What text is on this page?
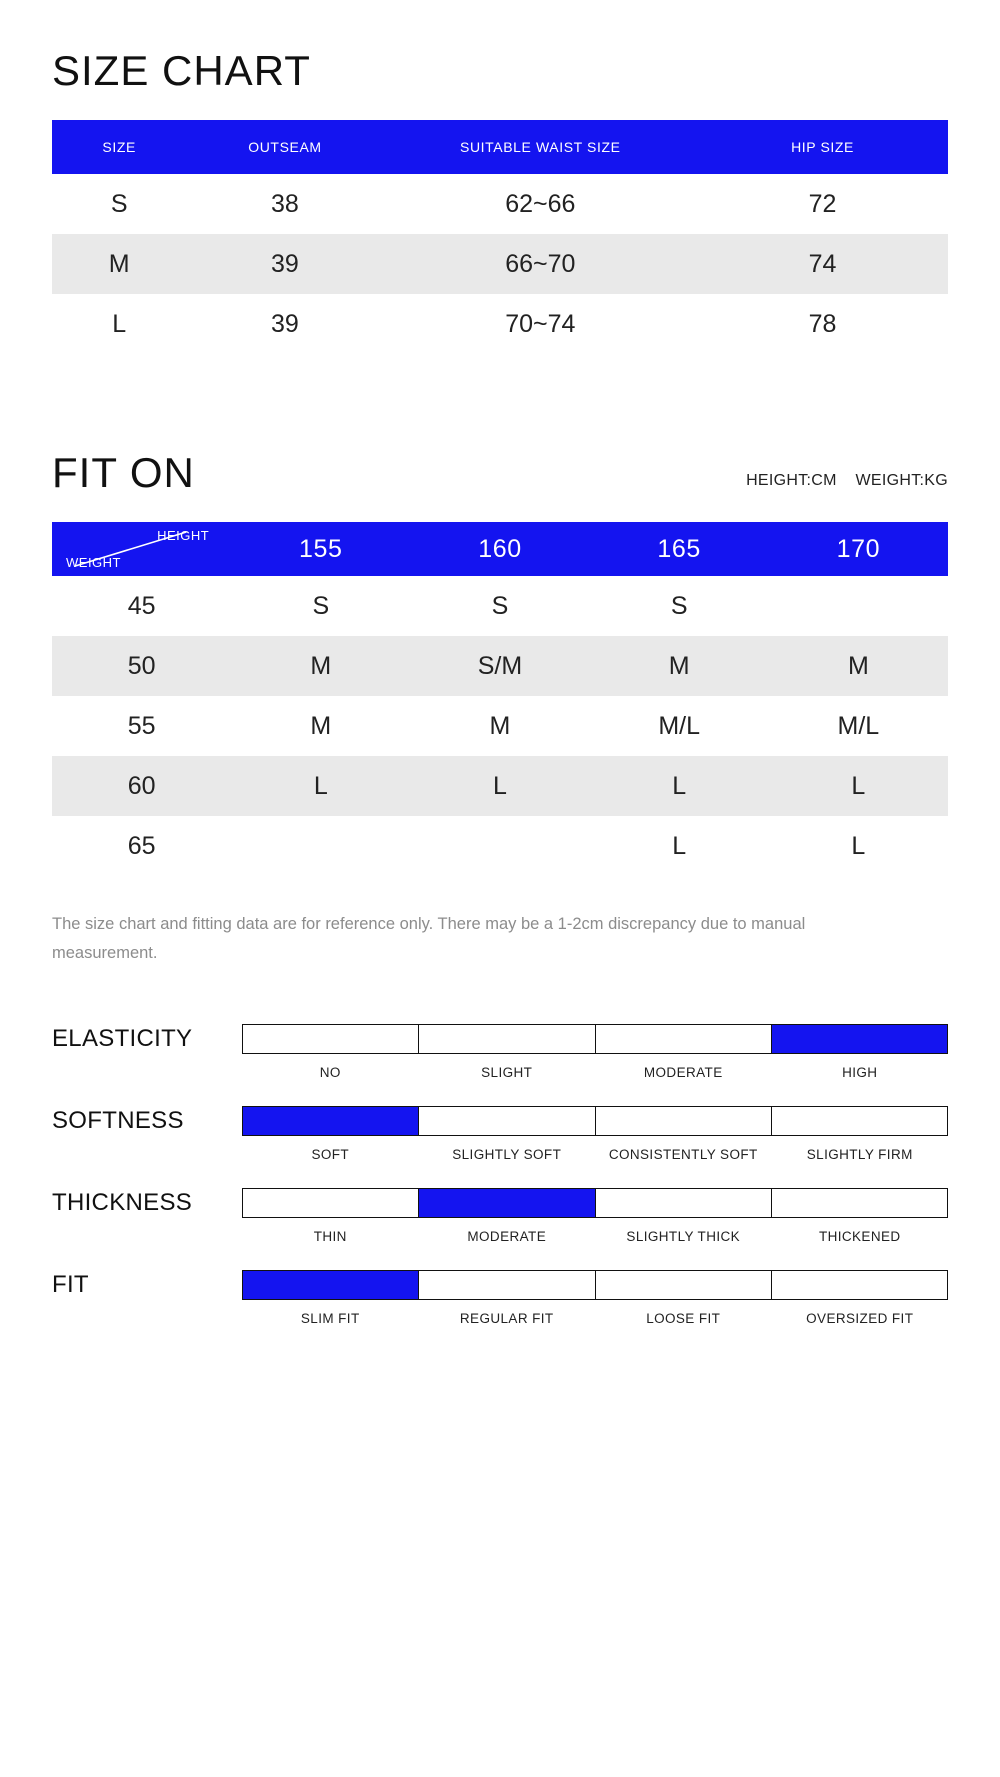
SIZE CHART
SIZE	OUTSEAM	SUITABLE WAIST SIZE	HIP SIZE
S	38	62~66	72
M	39	66~70	74
L	39	70~74	78
FIT ON	HEIGHT:CM WEIGHT:KG
HEIGHT
WEIGHT	155	160	165	170
45	S	S	S	
50	M	S/M	M	M
55	M	M	M/L	M/L
60	L	L	L	L
65			L	L

The size chart and fitting data are for reference only. There may be a 1-2cm discrepancy due to manual measurement.

ELASTICITY
NO	SLIGHT	MODERATE	HIGH
SOFTNESS
SOFT	SLIGHTLY SOFT	CONSISTENTLY SOFT	SLIGHTLY FIRM
THICKNESS
THIN	MODERATE	SLIGHTLY THICK	THICKENED
FIT
SLIM FIT	REGULAR FIT	LOOSE FIT	OVERSIZED FIT
